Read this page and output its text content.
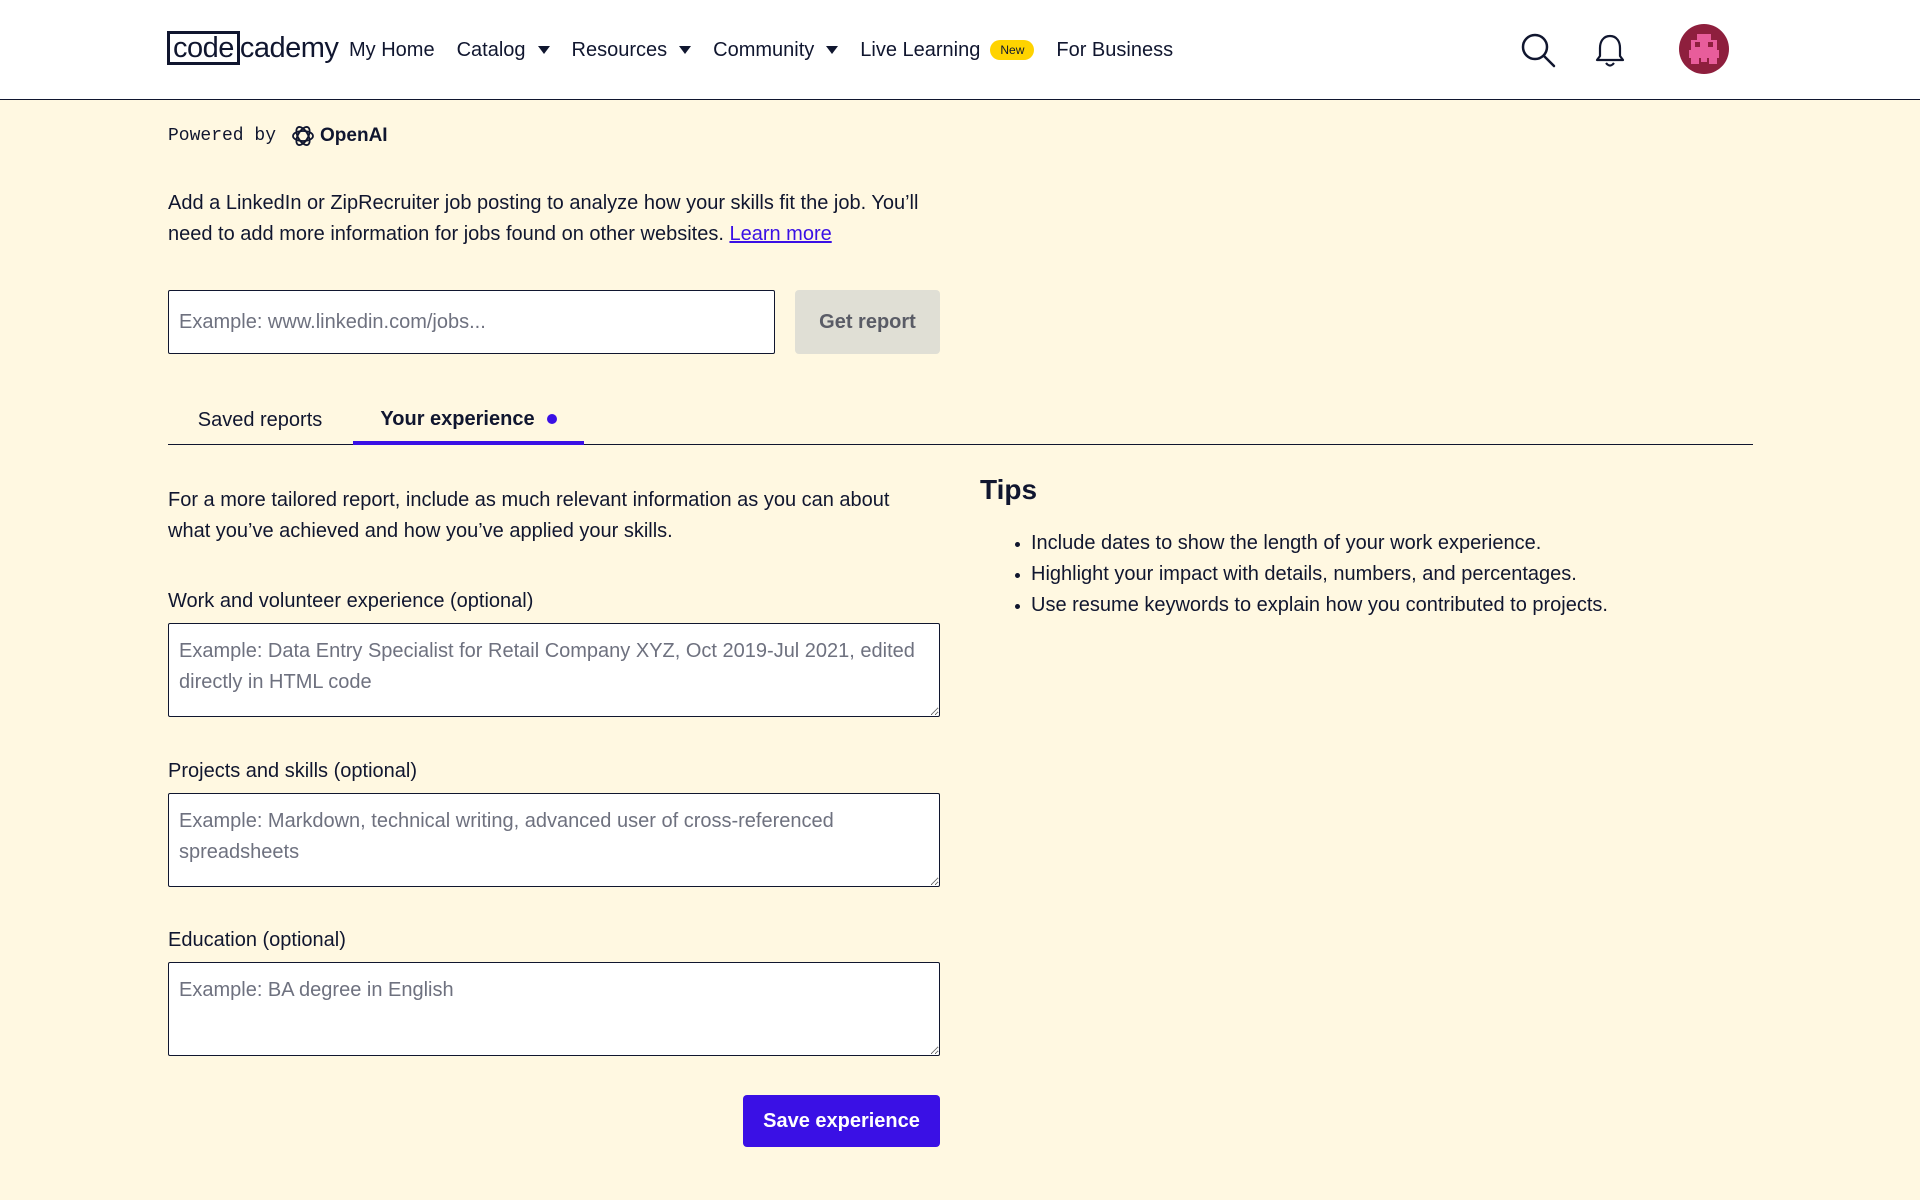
code cademy My Home Catalog Resources Community Live Learning	New	For Business
Powered by OpenAI

Add a LinkedIn or ZipRecruiter job posting to analyze how your skills fit the job. You’ll need to add more information for jobs found on other websites. Learn more

Example: www.linkedin.com/jobs...
Get report
Saved reports	Your experience

For a more tailored report, include as much relevant information as you can about what you’ve achieved and how you’ve applied your skills.

Work and volunteer experience (optional)
Example: Data Entry Specialist for Retail Company XYZ, Oct 2019-Jul 2021, edited directly in HTML code
Projects and skills (optional)
Example: Markdown, technical writing, advanced user of cross-referenced spreadsheets
Education (optional)
Example: BA degree in English
Save experience
Tips
Include dates to show the length of your work experience.
Highlight your impact with details, numbers, and percentages.
Use resume keywords to explain how you contributed to projects.
